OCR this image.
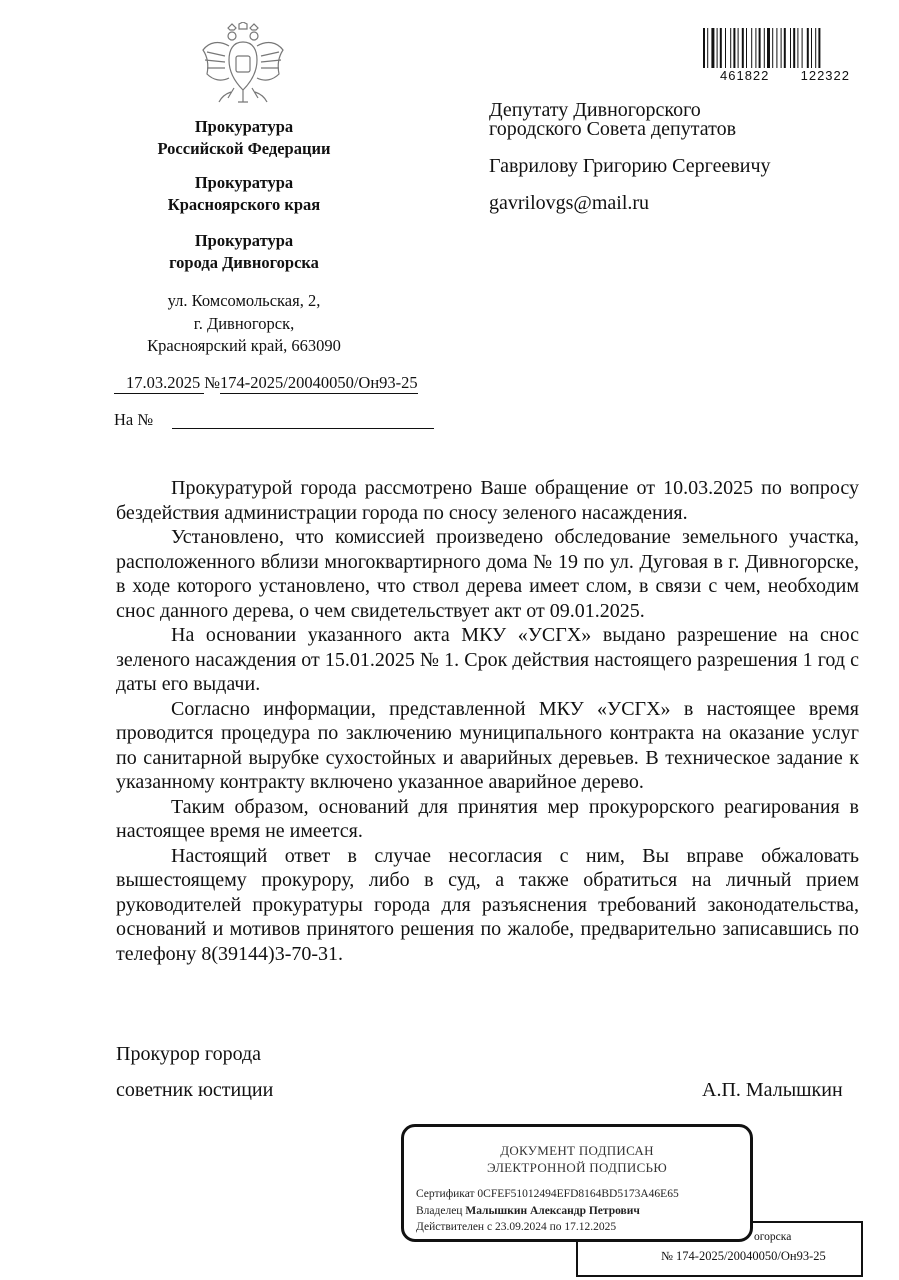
461822 122322
Прокуратура
Российской Федерации
Прокуратура
Красноярского края
Прокуратура
города Дивногорска
ул. Комсомольская, 2,
г. Дивногорск,
Красноярский край, 663090
17.03.2025 №174-2025/20040050/Он93-25
На №
Депутату Дивногорского
городского Совета депутатов
Гаврилову Григорию Сергеевичу
gavrilovgs@mail.ru

Прокуратурой города рассмотрено Ваше обращение от 10.03.2025 по вопросу бездействия администрации города по сносу зеленого насаждения.

Установлено, что комиссией произведено обследование земельного участка, расположенного вблизи многоквартирного дома № 19 по ул. Дуговая в г. Дивногорске, в ходе которого установлено, что ствол дерева имеет слом, в связи с чем, необходим снос данного дерева, о чем свидетельствует акт от 09.01.2025.

На основании указанного акта МКУ «УСГХ» выдано разрешение на снос зеленого насаждения от 15.01.2025 № 1. Срок действия настоящего разрешения 1 год с даты его выдачи.

Согласно информации, представленной МКУ «УСГХ» в настоящее время проводится процедура по заключению муниципального контракта на оказание услуг по санитарной вырубке сухостойных и аварийных деревьев. В техническое задание к указанному контракту включено указанное аварийное дерево.

Таким образом, оснований для принятия мер прокурорского реагирования в настоящее время не имеется.

Настоящий ответ в случае несогласия с ним, Вы вправе обжаловать вышестоящему прокурору, либо в суд, а также обратиться на личный прием руководителей прокуратуры города для разъяснения требований законодательства, оснований и мотивов принятого решения по жалобе, предварительно записавшись по телефону 8(39144)3-70-31.

Прокурор города
советник юстиции	А.П. Малышкин
огорска
№ 174-2025/20040050/Он93-25
ДОКУМЕНТ ПОДПИСАН
ЭЛЕКТРОННОЙ ПОДПИСЬЮ
Сертификат 0CFEF51012494EFD8164BD5173A46E65
Владелец Малышкин Александр Петрович
Действителен с 23.09.2024 по 17.12.2025
